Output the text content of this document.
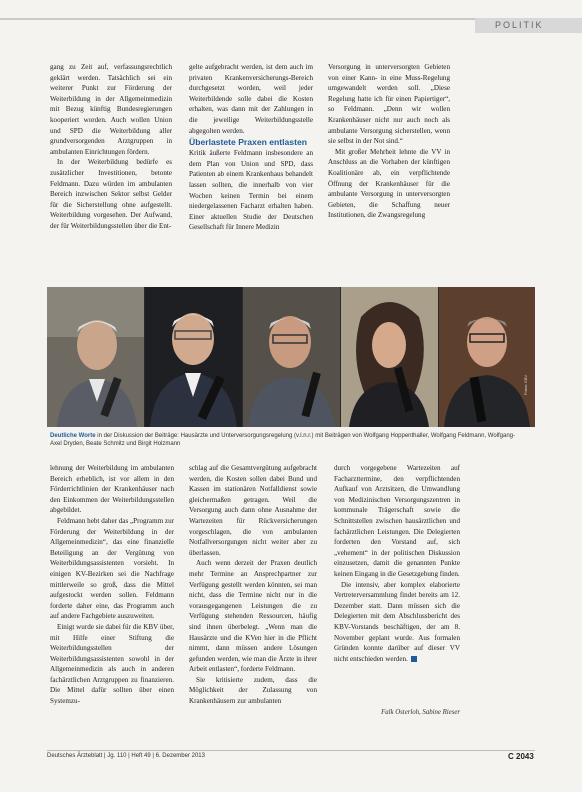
POLITIK

gang zu Zeit auf, verfassungsrechtlich geklärt werden. Tatsächlich sei ein weiterer Punkt zur Förderung der Weiterbildung in der Allgemeinmedizin mit Bezug künftig Bundesregierungen kooperiert worden. Auch wollen Union und SPD die Weiterbildung aller grundversorgenden Arztgruppen in ambulanten Einrichtungen fördern.

In der Weiterbildung bedürfe es zusätzlicher Investitionen, betonte Feldmann. Dazu würden im ambulanten Bereich inzwischen Sektor selbst Gelder für die Sicherstellung ohne aufgestellt. Weiterbildung vorgesehen. Der Aufwand, der für Weiterbildungsstellen über die Ent-

gelte aufgebracht werden, ist dem auch im privaten Krankenversicherungs-Bereich durchgesetzt worden, weil jeder Weiterbildende solle dabei die Kosten erhalten, was dann mit der Zahlungen in die jeweilige Weiterbildungsstelle abgegolten werden.

Überlastete Praxen entlasten

Kritik äußerte Feldmann insbesondere an dem Plan von Union und SPD, dass Patienten ab einem Krankenhaus behandelt lassen sollten, die innerhalb von vier Wochen keinen Termin bei einem niedergelassenen Facharzt erhalten haben. Einer aktuellen Studie der Deutschen Gesellschaft für Innere Medizin

Versorgung in unterversorgten Gebieten von einer Kann- in eine Muss-Regelung umgewandelt werden soll. „Diese Regelung hatte ich für einen Papiertiger“, so Feldmann. „Denn wir wollen Krankenhäuser nicht nur auch noch als ambulante Versorgung sicherstellen, wenn sie selbst in der Not sind.“

Mit großer Mehrheit lehnte die VV in Anschluss an die Vorhaben der künftigen Koalitionäre ab, ein verpflichtende Öffnung der Krankenhäuser für die ambulante Versorgung in unterversorgten Gebieten, die Schaffung neuer Institutionen, die Zwangsregelung

Fotos: KBV

Deutliche Worte in der Diskussion der Beiträge: Hausärzte und Unterversorgungsregelung (v.l.n.r.) mit Beiträgen von Wolfgang Hoppenthaller, Wolfgang Feldmann, Wolfgang-Axel Dryden, Beate Schmitz und Birgit Holzmann

lehnung der Weiterbildung im ambulanten Bereich erheblich, ist vor allem in den Förderrichtlinien der Krankenhäuser nach den Einkommen der Weiterbildungsstellen abgebildet.

Feldmann hebt daher das „Programm zur Förderung der Weiterbildung in der Allgemeinmedizin“, das eine finanzielle Beteiligung an der Vergütung von Weiterbildungsassistenten vorsieht. In einigen KV-Bezirken sei die Nachfrage mittlerweile so groß, dass die Mittel aufgestockt werden sollen. Feldmann forderte daher eine, das Programm auch auf andere Fachgebiete auszuweiten.

Einigt wurde sie dabei für die KBV über, mit Hilfe einer Stiftung die Weiterbildungsstellen der Weiterbildungsassistenten sowohl in der Allgemeinmedizin als auch in anderen fachärztlichen Arztgruppen zu finanzieren. Die Mittel dafür sollten über einen Systemzu-

schlag auf die Gesamtvergütung aufgebracht werden, die Kosten sollen dabei Bund und Kassen im stationären Notfalldienst sowie gleichermaßen getragen. Weil die Versorgung auch dann ohne Ausnahme der Wartezeiten für Rückversicherungen vorgeschlagen, die von ambulanten Notfallversorgungen nicht weiter aber zu überlassen.

Auch wenn derzeit der Praxen deutlich mehr Termine an Ansprechpartner zur Verfügung gestellt werden könnten, sei man nicht, dass die Termine nicht nur in die vorausgegangenen Leistungen die zu Verfügung stehenden Ressourcen, häufig sind ihnen überbelegt. „Wenn man die Hausärzte und die KVen hier in die Pflicht nimmt, dann müssen andere Lösungen gefunden werden, wie man die Ärzte in ihrer Arbeit entlasten“, forderte Feldmann.

Sie kritisierte zudem, dass die Möglichkeit der Zulassung von Krankenhäusern zur ambulanten

durch vorgegebene Wartezeiten auf Facharzttermine, den verpflichtenden Aufkauf von Arztsitzen, die Umwandlung von Medizinischen Versorgungszentren in kommunale Trägerschaft sowie die Schnittstellen zwischen hausärztlichen und fachärztlichen Leistungen. Die Delegierten forderten den Vorstand auf, sich „vehement“ in der politischen Diskussion einzusetzen, damit die genannten Punkte keinen Eingang in die Gesetzgebung finden.

Die intensiv, aber komplex elaborierte Vertreterversammlung findet bereits am 12. Dezember statt. Dann müssen sich die Delegierten mit dem Abschlussbericht des KBV-Vorstands beschäftigen, der am 8. November geplant wurde. Aus formalen Gründen konnte darüber auf dieser VV nicht entschieden werden.

Falk Osterloh, Sabine Rieser
Deutsches Ärzteblatt | Jg. 110 | Heft 49 | 6. Dezember 2013	C 2043
